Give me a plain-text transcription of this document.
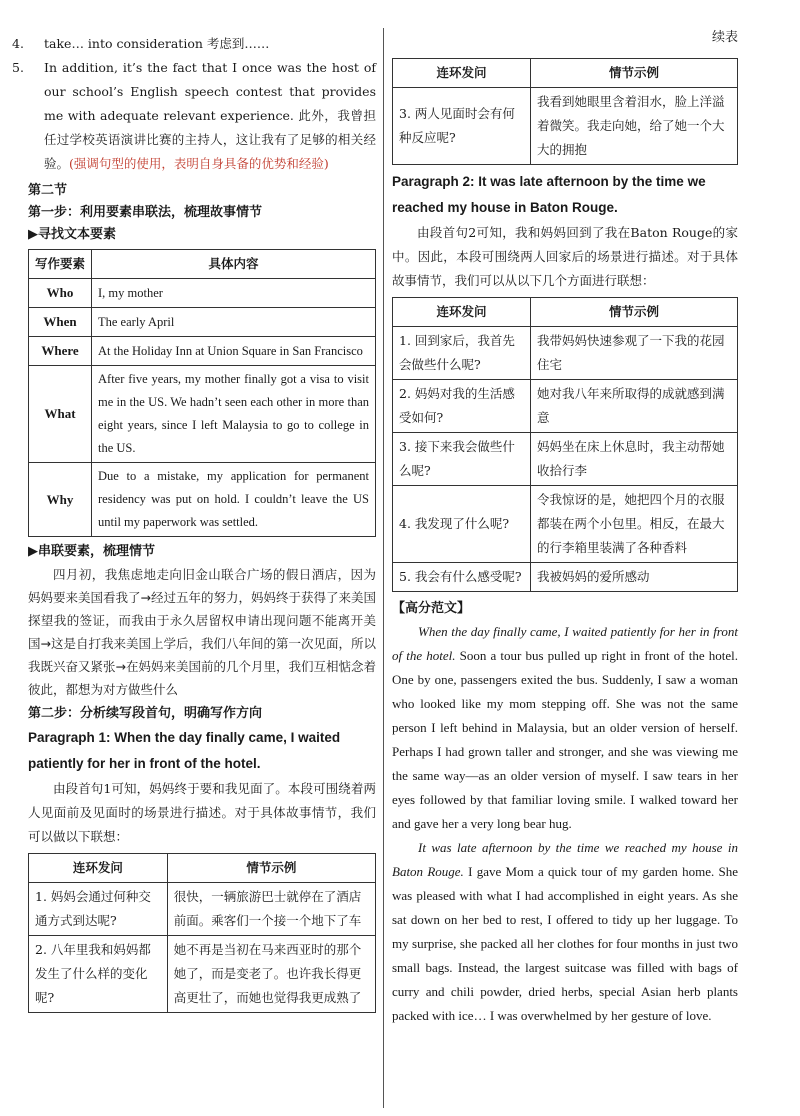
4. take… into consideration 考虑到……

5. In addition, it’s the fact that I once was the host of our school’s English speech contest that provides me with adequate relevant experience. 此外，我曾担任过学校英语演讲比赛的主持人，这让我有了足够的相关经验。(强调句型的使用，表明自身具备的优势和经验)

第二节

第一步：利用要素串联法，梳理故事情节

▶寻找文本要素

写作要素	具体内容
Who	I, my mother
When	The early April
Where	At the Holiday Inn at Union Square in San Francisco
What	After five years, my mother finally got a visa to visit me in the US. We hadn’t seen each other in more than eight years, since I left Malaysia to go to college in the US.
Why	Due to a mistake, my application for permanent residency was put on hold. I couldn’t leave the US until my paperwork was settled.

▶串联要素，梳理情节

四月初，我焦虑地走向旧金山联合广场的假日酒店，因为妈妈要来美国看我了→经过五年的努力，妈妈终于获得了来美国探望我的签证，而我由于永久居留权申请出现问题不能离开美国→这是自打我来美国上学后，我们八年间的第一次见面，所以我既兴奋又紧张→在妈妈来美国前的几个月里，我们互相惦念着彼此，都想为对方做些什么

第二步：分析续写段首句，明确写作方向

Paragraph 1: When the day finally came, I waited patiently for her in front of the hotel.

由段首句1可知，妈妈终于要和我见面了。本段可围绕着两人见面前及见面时的场景进行描述。对于具体故事情节，我们可以做以下联想：

连环发问	情节示例
1. 妈妈会通过何种交通方式到达呢?	很快，一辆旅游巴士就停在了酒店前面。乘客们一个接一个地下了车
2. 八年里我和妈妈都发生了什么样的变化呢?	她不再是当初在马来西亚时的那个她了，而是变老了。也许我长得更高更壮了，而她也觉得我更成熟了
续表
连环发问	情节示例
3. 两人见面时会有何种反应呢?	我看到她眼里含着泪水，脸上洋溢着微笑。我走向她，给了她一个大大的拥抱

Paragraph 2: It was late afternoon by the time we reached my house in Baton Rouge.

由段首句2可知，我和妈妈回到了我在Baton Rouge的家中。因此，本段可围绕两人回家后的场景进行描述。对于具体故事情节，我们可以从以下几个方面进行联想：

连环发问	情节示例
1. 回到家后，我首先会做些什么呢?	我带妈妈快速参观了一下我的花园住宅
2. 妈妈对我的生活感受如何?	她对我八年来所取得的成就感到满意
3. 接下来我会做些什么呢?	妈妈坐在床上休息时，我主动帮她收拾行李
4. 我发现了什么呢?	令我惊讶的是，她把四个月的衣服都装在两个小包里。相反，在最大的行李箱里装满了各种香料
5. 我会有什么感受呢?	我被妈妈的爱所感动

【高分范文】

When the day finally came, I waited patiently for her in front of the hotel. Soon a tour bus pulled up right in front of the hotel. One by one, passengers exited the bus. Suddenly, I saw a woman who looked like my mom stepping off. She was not the same person I left behind in Malaysia, but an older version of herself. Perhaps I had grown taller and stronger, and she was viewing me the same way—as an older version of myself. I saw tears in her eyes followed by that familiar loving smile. I walked toward her and gave her a very long bear hug.

It was late afternoon by the time we reached my house in Baton Rouge. I gave Mom a quick tour of my garden home. She was pleased with what I had accomplished in eight years. As she sat down on her bed to rest, I offered to tidy up her luggage. To my surprise, she packed all her clothes for four months in just two small bags. Instead, the largest suitcase was filled with bags of curry and chili powder, dried herbs, special Asian herb plants packed with ice… I was overwhelmed by her gesture of love.
